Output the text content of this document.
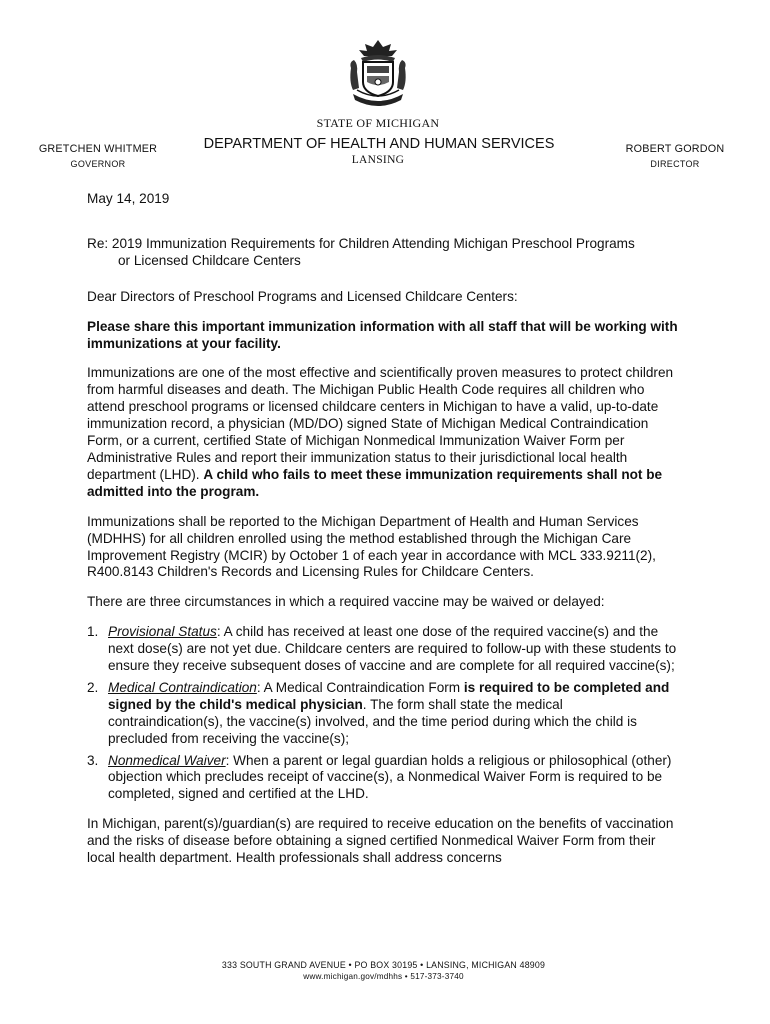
STATE OF MICHIGAN
DEPARTMENT OF HEALTH AND HUMAN SERVICES
LANSING
GRETCHEN WHITMER
GOVERNOR
ROBERT GORDON
DIRECTOR

May 14, 2019

Re: 2019 Immunization Requirements for Children Attending Michigan Preschool Programs
or Licensed Childcare Centers

Dear Directors of Preschool Programs and Licensed Childcare Centers:

Please share this important immunization information with all staff that will be working with immunizations at your facility.

Immunizations are one of the most effective and scientifically proven measures to protect children from harmful diseases and death. The Michigan Public Health Code requires all children who attend preschool programs or licensed childcare centers in Michigan to have a valid, up-to-date immunization record, a physician (MD/DO) signed State of Michigan Medical Contraindication Form, or a current, certified State of Michigan Nonmedical Immunization Waiver Form per Administrative Rules and report their immunization status to their jurisdictional local health department (LHD). A child who fails to meet these immunization requirements shall not be admitted into the program.

Immunizations shall be reported to the Michigan Department of Health and Human Services (MDHHS) for all children enrolled using the method established through the Michigan Care Improvement Registry (MCIR) by October 1 of each year in accordance with MCL 333.9211(2), R400.8143 Children's Records and Licensing Rules for Childcare Centers.

There are three circumstances in which a required vaccine may be waived or delayed:

1. Provisional Status: A child has received at least one dose of the required vaccine(s) and the next dose(s) are not yet due. Childcare centers are required to follow-up with these students to ensure they receive subsequent doses of vaccine and are complete for all required vaccine(s);
2. Medical Contraindication: A Medical Contraindication Form is required to be completed and signed by the child's medical physician. The form shall state the medical contraindication(s), the vaccine(s) involved, and the time period during which the child is precluded from receiving the vaccine(s);
3. Nonmedical Waiver: When a parent or legal guardian holds a religious or philosophical (other) objection which precludes receipt of vaccine(s), a Nonmedical Waiver Form is required to be completed, signed and certified at the LHD.

In Michigan, parent(s)/guardian(s) are required to receive education on the benefits of vaccination and the risks of disease before obtaining a signed certified Nonmedical Waiver Form from their local health department. Health professionals shall address concerns

333 SOUTH GRAND AVENUE • PO BOX 30195 • LANSING, MICHIGAN 48909
www.michigan.gov/mdhhs • 517-373-3740
